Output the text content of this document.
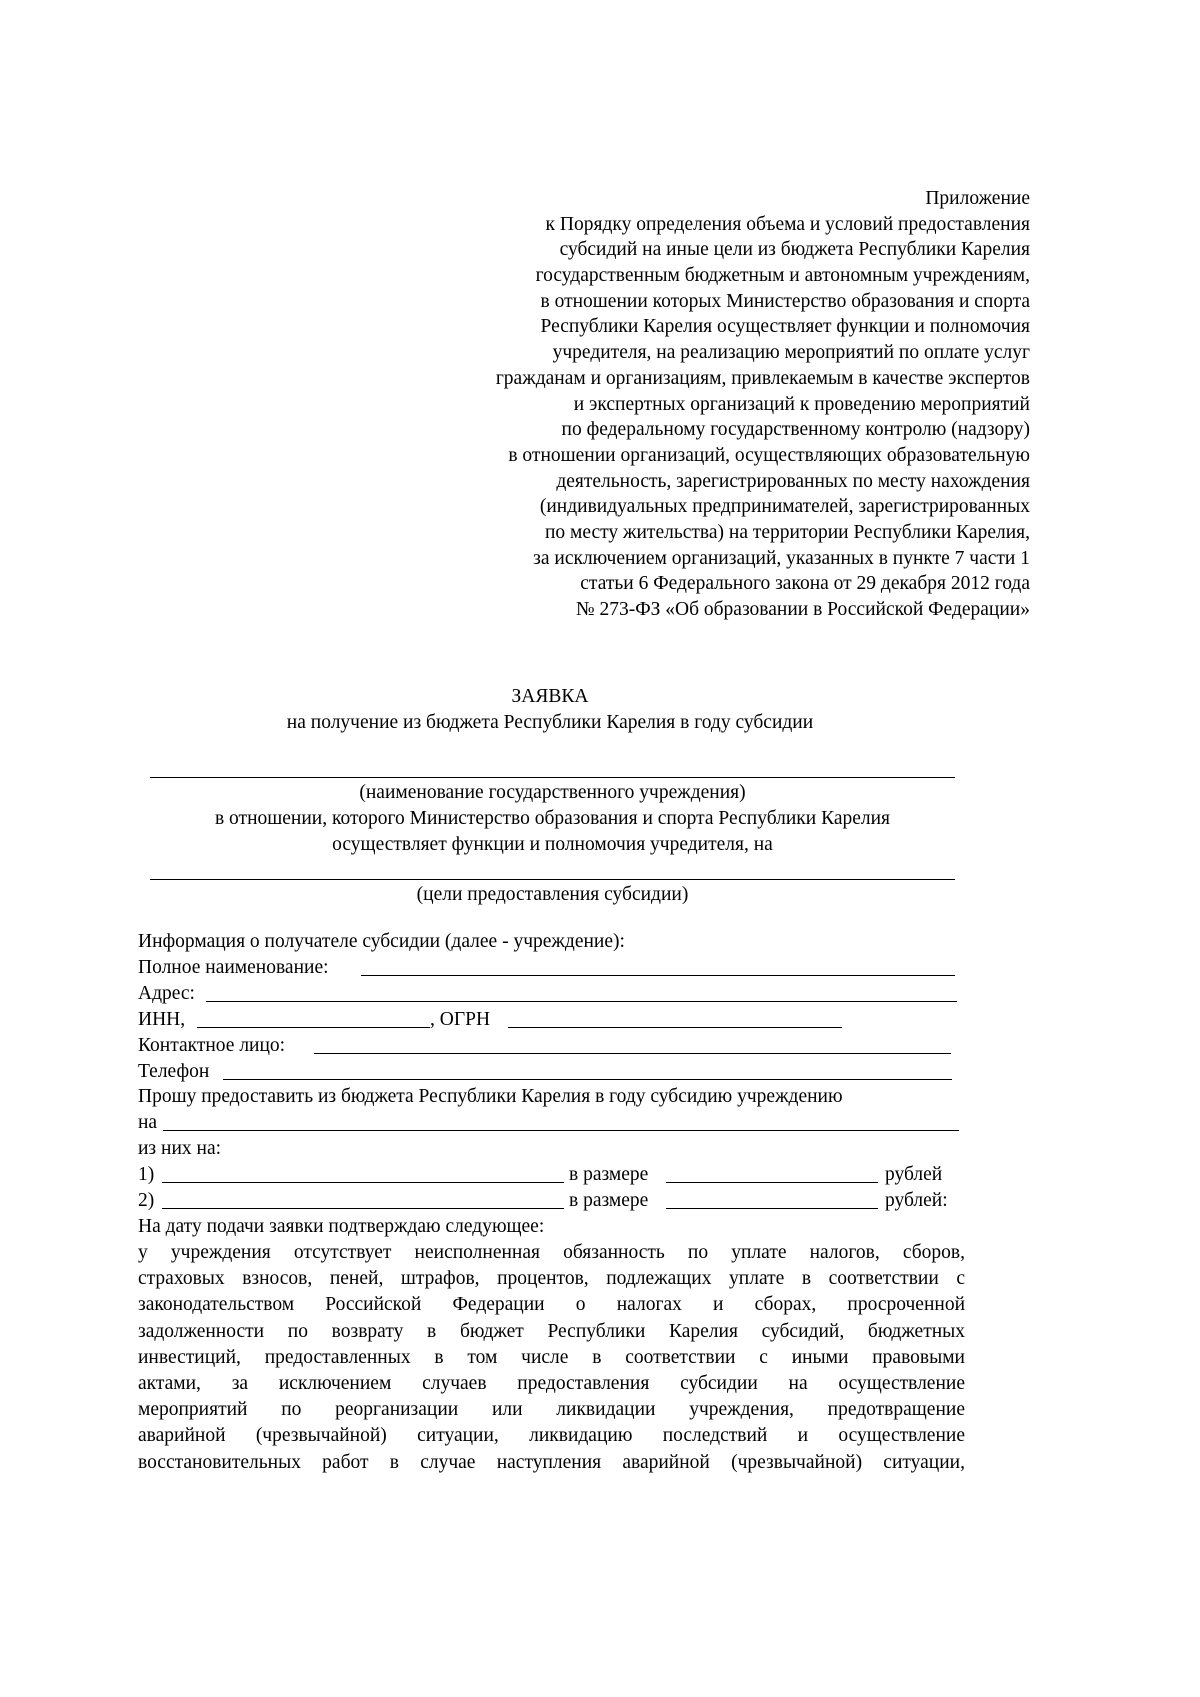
Приложение
к Порядку определения объема и условий предоставления
субсидий на иные цели из бюджета Республики Карелия
государственным бюджетным и автономным учреждениям,
в отношении которых Министерство образования и спорта
Республики Карелия осуществляет функции и полномочия
учредителя, на реализацию мероприятий по оплате услуг
гражданам и организациям, привлекаемым в качестве экспертов
и экспертных организаций к проведению мероприятий
по федеральному государственному контролю (надзору)
в отношении организаций, осуществляющих образовательную
деятельность, зарегистрированных по месту нахождения
(индивидуальных предпринимателей, зарегистрированных
по месту жительства) на территории Республики Карелия,
за исключением организаций, указанных в пункте 7 части 1
статьи 6 Федерального закона от 29 декабря 2012 года
№ 273-ФЗ «Об образовании в Российской Федерации»
ЗАЯВКА
на получение из бюджета Республики Карелия в году субсидии
(наименование государственного учреждения)
в отношении, которого Министерство образования и спорта Республики Карелия
осуществляет функции и полномочия учредителя, на
(цели предоставления субсидии)
Информация о получателе субсидии (далее - учреждение):
Полное наименование:
Адрес:
ИНН,	, ОГРН
Контактное лицо:
Телефон
Прошу предоставить из бюджета Республики Карелия в году субсидию учреждению
на
из них на:
1)	в размере	рублей
2)	в размере	рублей:
На дату подачи заявки подтверждаю следующее:
у учреждения отсутствует неисполненная обязанность по уплате налогов, сборов,
страховых взносов, пеней, штрафов, процентов, подлежащих уплате в соответствии с
законодательством Российской Федерации о налогах и сборах, просроченной
задолженности по возврату в бюджет Республики Карелия субсидий, бюджетных
инвестиций, предоставленных в том числе в соответствии с иными правовыми
актами, за исключением случаев предоставления субсидии на осуществление
мероприятий по реорганизации или ликвидации учреждения, предотвращение
аварийной (чрезвычайной) ситуации, ликвидацию последствий и осуществление
восстановительных работ в случае наступления аварийной (чрезвычайной) ситуации,
